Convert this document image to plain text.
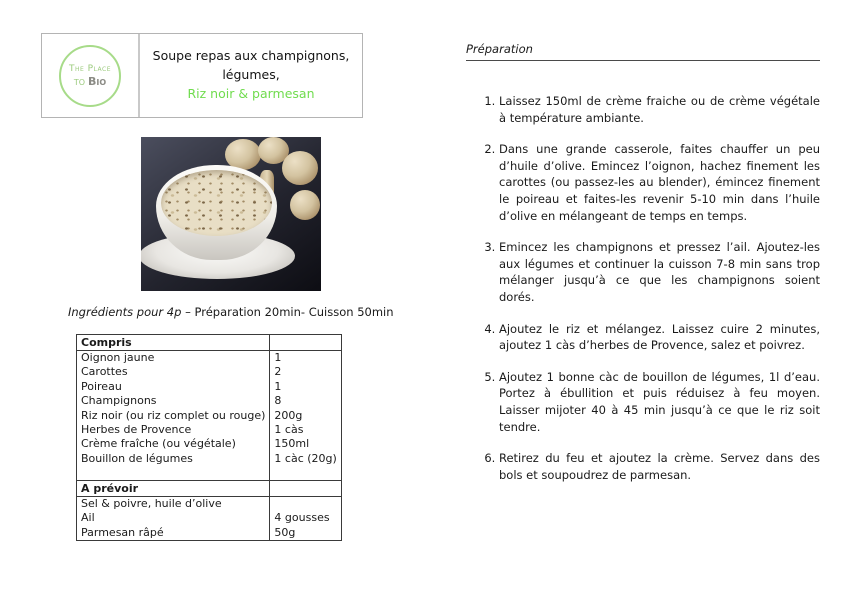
The Place
to Bio
Soupe repas aux champignons,
légumes,
Riz noir & parmesan
Ingrédients pour 4p – Préparation 20min- Cuisson 50min
Compris	
Oignon jaune	1
Carottes	2
Poireau	1
Champignons	8
Riz noir (ou riz complet ou rouge)	200g
Herbes de Provence	1 càs
Crème fraîche (ou végétale)	150ml
Bouillon de légumes	1 càc (20g)

A prévoir	
Sel & poivre, huile d’olive	
Ail	4 gousses
Parmesan râpé	50g
Préparation
1. Laissez 150ml de crème fraiche ou de crème végétale à température ambiante.
2. Dans une grande casserole, faites chauffer un peu d’huile d’olive. Emincez l’oignon, hachez finement les carottes (ou passez-les au blender), émincez finement le poireau et faites-les revenir 5-10 min dans l’huile d’olive en mélangeant de temps en temps.
3. Emincez les champignons et pressez l’ail. Ajoutez-les aux légumes et continuer la cuisson 7-8 min sans trop mélanger jusqu’à ce que les champignons soient dorés.
4. Ajoutez le riz et mélangez. Laissez cuire 2 minutes, ajoutez 1 càs d’herbes de Provence, salez et poivrez.
5. Ajoutez 1 bonne càc de bouillon de légumes, 1l d’eau. Portez à ébullition et puis réduisez à feu moyen. Laisser mijoter 40 à 45 min jusqu’à ce que le riz soit tendre.
6. Retirez du feu et ajoutez la crème. Servez dans des bols et soupoudrez de parmesan.
